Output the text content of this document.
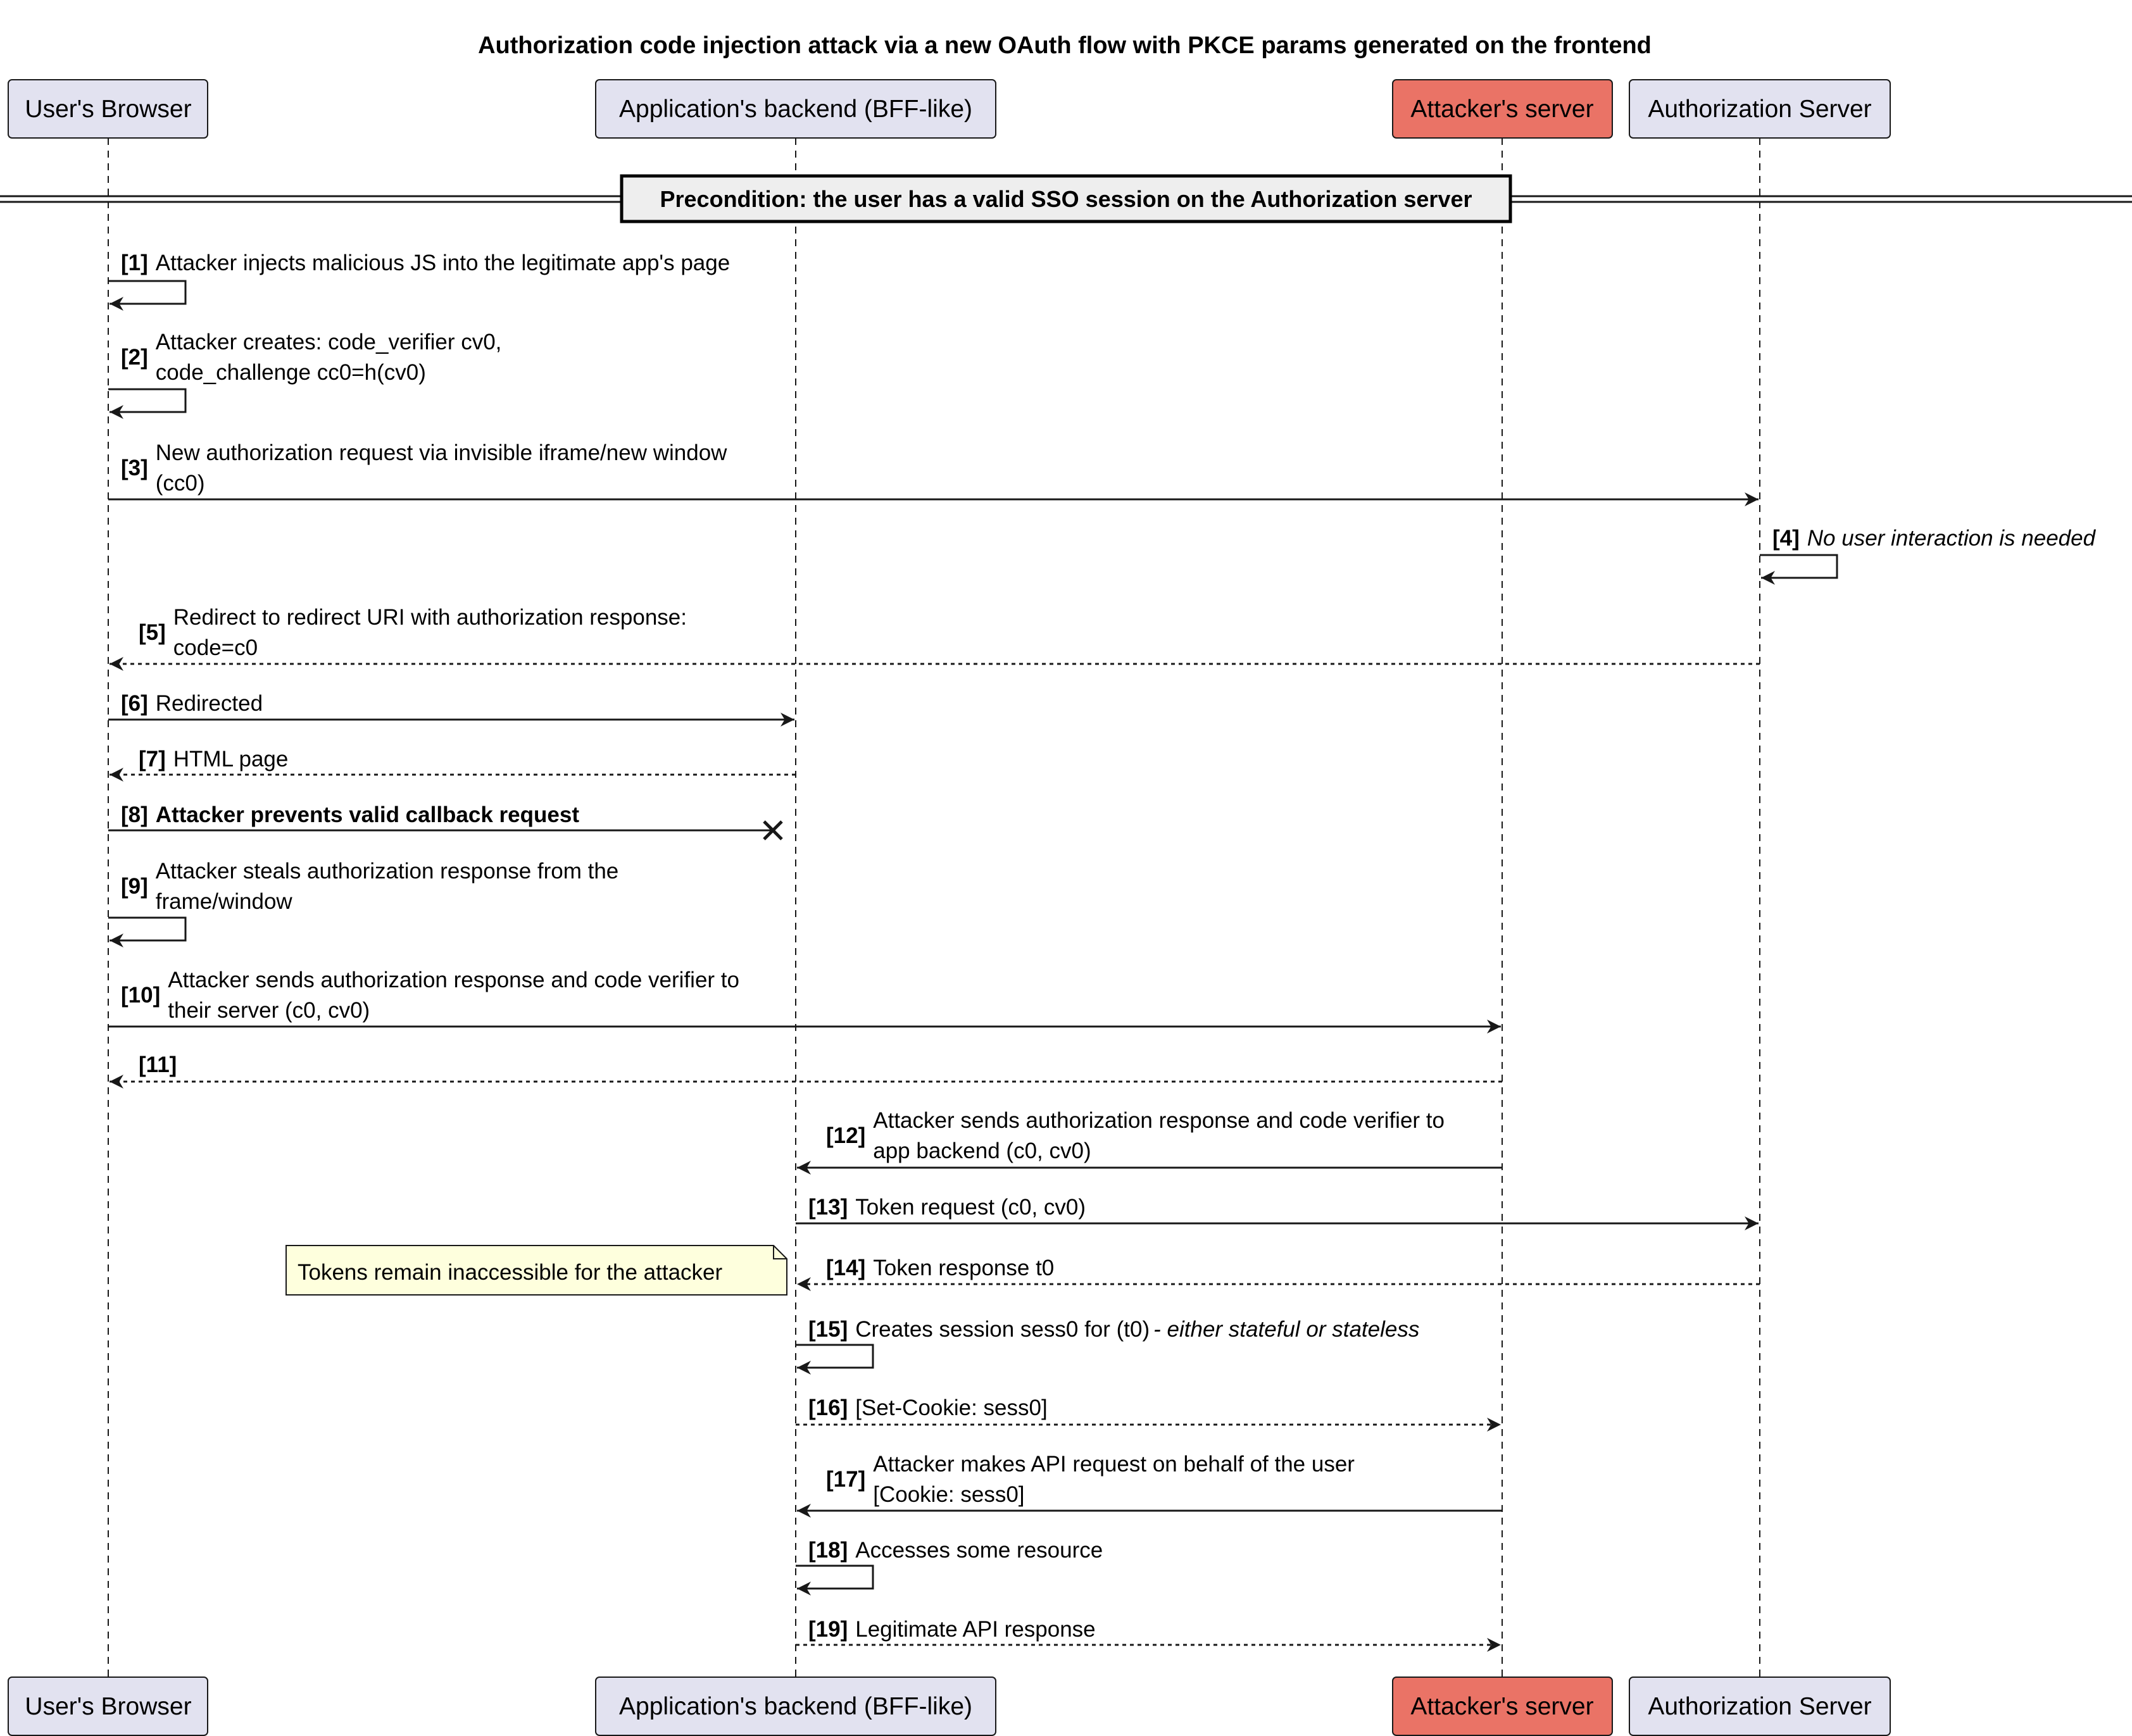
Authorization code injection attack via a new OAuth flow with PKCE params generated on the frontend
Precondition: the user has a valid SSO session on the Authorization server
[1] Attacker injects malicious JS into the legitimate app's page
[2]
Attacker creates: code_verifier cv0,
code_challenge cc0=h(cv0)
[3]
New authorization request via invisible iframe/new window
(cc0)
[4] No user interaction is needed
[5]
Redirect to redirect URI with authorization response:
code=c0
[6] Redirected
[7] HTML page
[8] Attacker prevents valid callback request
[9]
Attacker steals authorization response from the
frame/window
[10]
Attacker sends authorization response and code verifier to
their server (c0, cv0)
[11]
[12]
Attacker sends authorization response and code verifier to
app backend (c0, cv0)
[13] Token request (c0, cv0)
[14] Token response t0
[15] Creates session sess0 for (t0) - either stateful or stateless
[16] [Set-Cookie: sess0]
[17]
Attacker makes API request on behalf of the user
[Cookie: sess0]
[18] Accesses some resource
[19] Legitimate API response
Tokens remain inaccessible for the attacker
User's Browser
User's Browser
Application's backend (BFF-like)
Application's backend (BFF-like)
Attacker's server
Attacker's server
Authorization Server
Authorization Server
